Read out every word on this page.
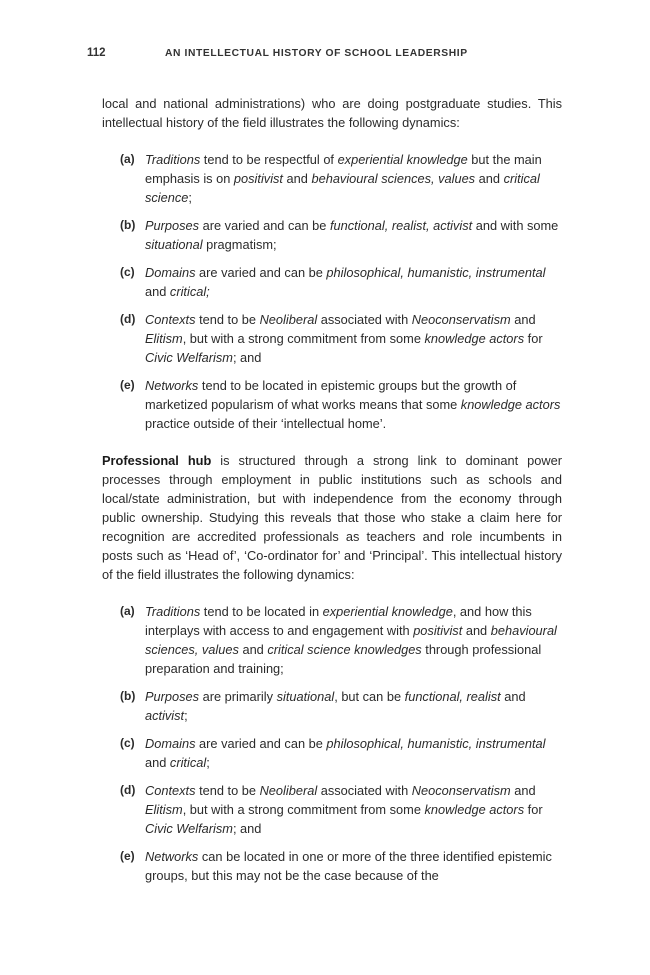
112	AN INTELLECTUAL HISTORY OF SCHOOL LEADERSHIP

local and national administrations) who are doing postgraduate studies. This intellectual history of the field illustrates the following dynamics:

(a) Traditions tend to be respectful of experiential knowledge but the main emphasis is on positivist and behavioural sciences, values and critical science;
(b) Purposes are varied and can be functional, realist, activist and with some situational pragmatism;
(c) Domains are varied and can be philosophical, humanistic, instrumental and critical;
(d) Contexts tend to be Neoliberal associated with Neoconservatism and Elitism, but with a strong commitment from some knowledge actors for Civic Welfarism; and
(e) Networks tend to be located in epistemic groups but the growth of marketized popularism of what works means that some knowledge actors practice outside of their ‘intellectual home’.

Professional hub is structured through a strong link to dominant power processes through employment in public institutions such as schools and local/state administration, but with independence from the economy through public ownership. Studying this reveals that those who stake a claim here for recognition are accredited professionals as teachers and role incumbents in posts such as ‘Head of’, ‘Co-ordinator for’ and ‘Principal’. This intellectual history of the field illustrates the following dynamics:

(a) Traditions tend to be located in experiential knowledge, and how this interplays with access to and engagement with positivist and behavioural sciences, values and critical science knowledges through professional preparation and training;
(b) Purposes are primarily situational, but can be functional, realist and activist;
(c) Domains are varied and can be philosophical, humanistic, instrumental and critical;
(d) Contexts tend to be Neoliberal associated with Neoconservatism and Elitism, but with a strong commitment from some knowledge actors for Civic Welfarism; and
(e) Networks can be located in one or more of the three identified epistemic groups, but this may not be the case because of the
